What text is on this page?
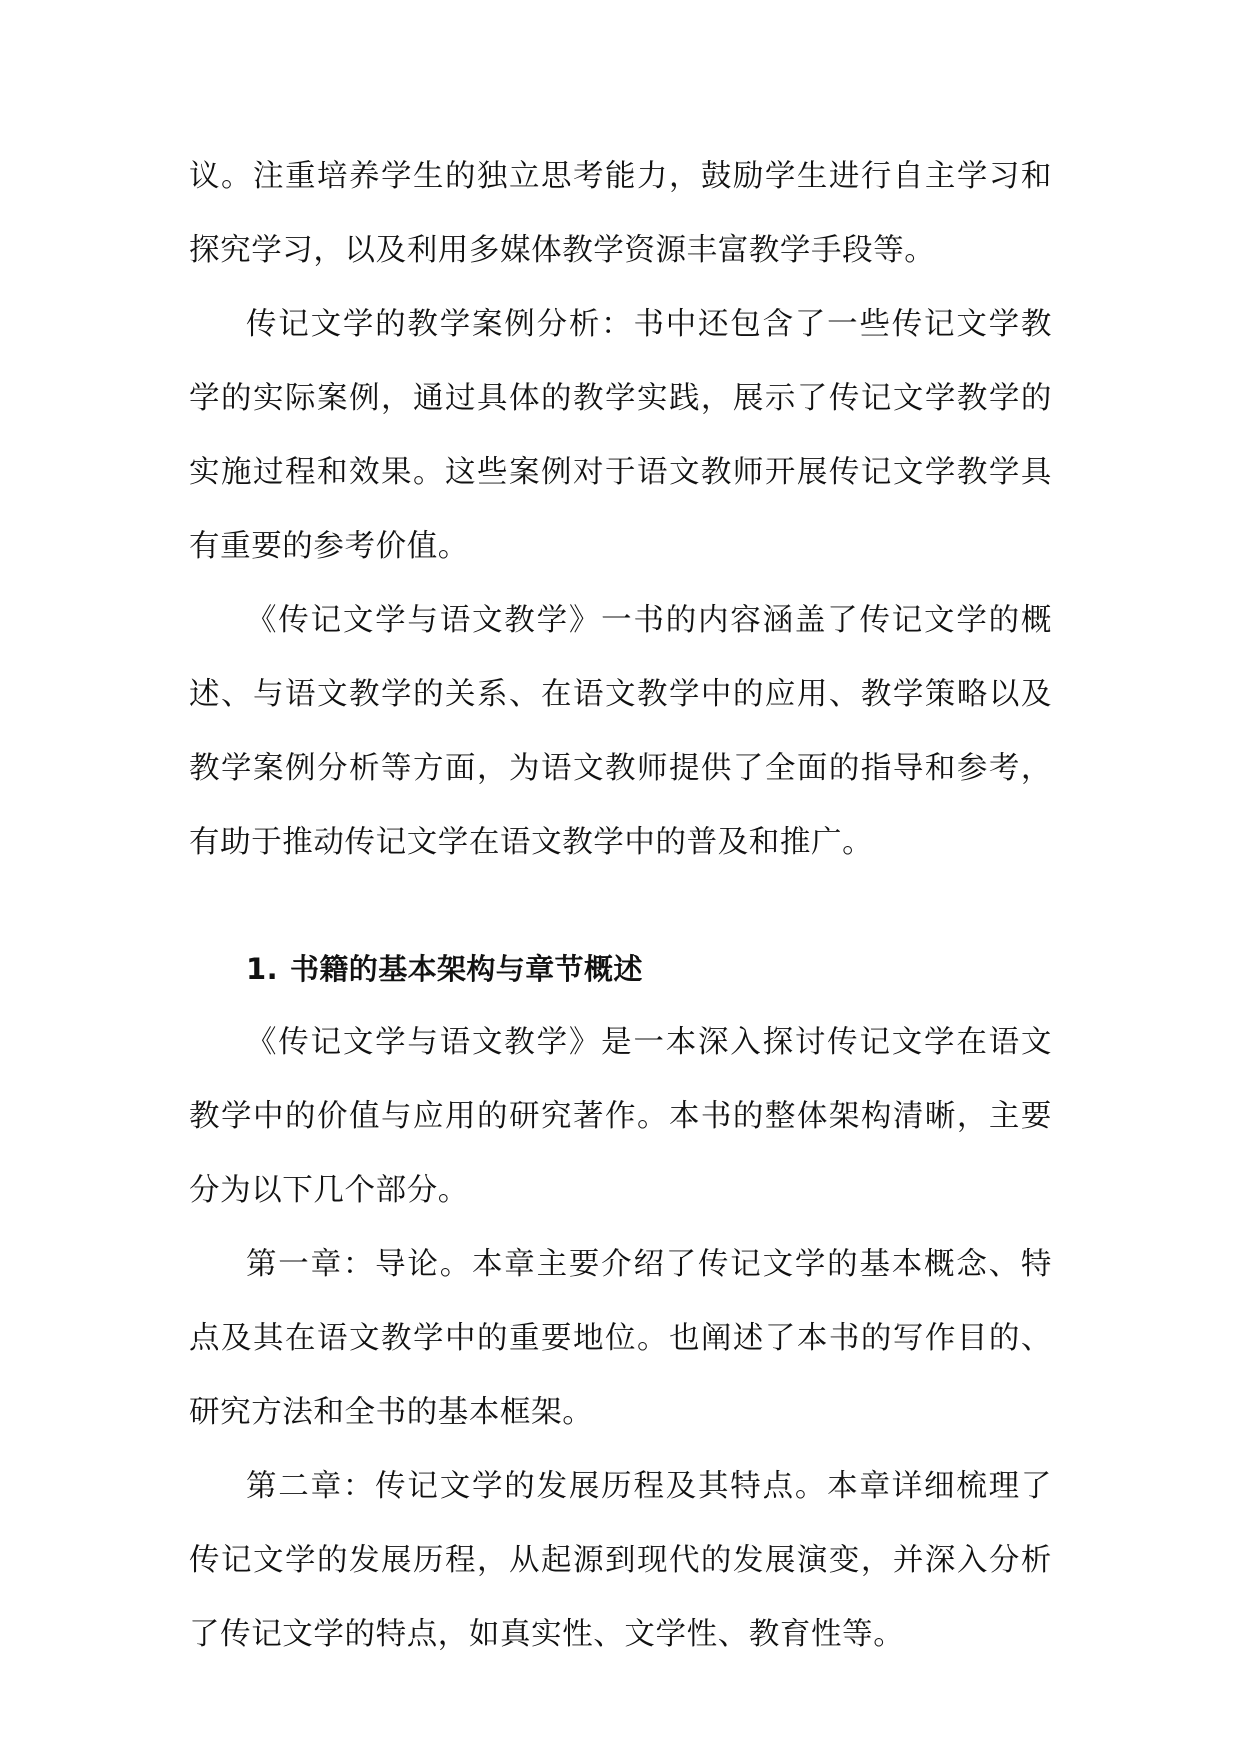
议。注重培养学生的独立思考能力，鼓励学生进行自主学习和探究学习，以及利用多媒体教学资源丰富教学手段等。

传记文学的教学案例分析：书中还包含了一些传记文学教学的实际案例，通过具体的教学实践，展示了传记文学教学的实施过程和效果。这些案例对于语文教师开展传记文学教学具有重要的参考价值。

《传记文学与语文教学》一书的内容涵盖了传记文学的概述、与语文教学的关系、在语文教学中的应用、教学策略以及教学案例分析等方面，为语文教师提供了全面的指导和参考，有助于推动传记文学在语文教学中的普及和推广。

1. 书籍的基本架构与章节概述

《传记文学与语文教学》是一本深入探讨传记文学在语文教学中的价值与应用的研究著作。本书的整体架构清晰，主要分为以下几个部分。

第一章：导论。本章主要介绍了传记文学的基本概念、特点及其在语文教学中的重要地位。也阐述了本书的写作目的、研究方法和全书的基本框架。

第二章：传记文学的发展历程及其特点。本章详细梳理了传记文学的发展历程，从起源到现代的发展演变，并深入分析了传记文学的特点，如真实性、文学性、教育性等。
